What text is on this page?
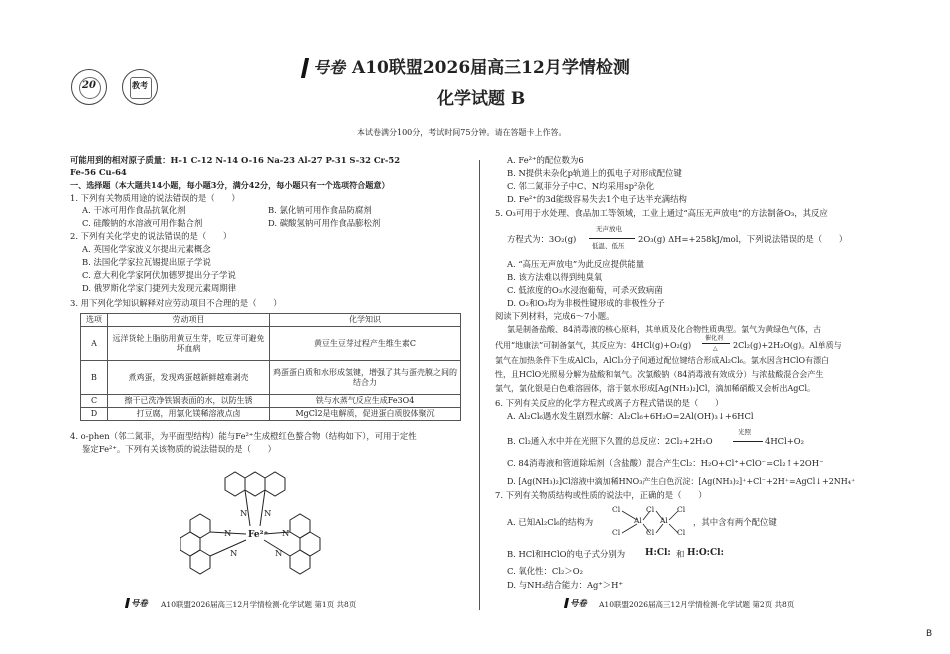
20	教考
号卷 A10联盟2026届高三12月学情检测
化学试题 B
本试卷满分100分，考试时间75分钟。请在答题卡上作答。
可能用到的相对原子质量：H-1 C-12 N-14 O-16 Na-23 Al-27 P-31 S-32 Cr-52
Fe-56 Cu-64
一、选择题（本大题共14小题，每小题3分，满分42分，每小题只有一个选项符合题意）
1. 下列有关物质用途的说法错误的是（　　）
A. 干冰可用作食品抗氧化剂	B. 氯化钠可用作食品防腐剂
C. 硅酸钠的水溶液可用作黏合剂	D. 碳酸氢钠可用作食品膨松剂
2. 下列有关化学史的说法错误的是（　　）
A. 英国化学家波义尔提出元素概念
B. 法国化学家拉瓦锡提出原子学说
C. 意大利化学家阿伏加德罗提出分子学说
D. 俄罗斯化学家门捷列夫发现元素周期律
3. 用下列化学知识解释对应劳动项目不合理的是（　　）
选项	劳动项目	化学知识
A	远洋货轮上脂肪用黄豆生芽，吃豆芽可避免坏血病	黄豆生豆芽过程产生维生素C
B	煮鸡蛋，发现鸡蛋越新鲜越难剥壳	鸡蛋蛋白质和水形成氢键，增强了其与蛋壳膜之间的结合力
C	擦干已洗净铁锅表面的水，以防生锈	铁与水蒸气反应生成Fe3O4
D	打豆腐，用氯化镁稀溶液点卤	MgCl2是电解质，促进蛋白质胶体聚沉
4. o-phen（邻二氮菲，为平面型结构）能与Fe²⁺生成橙红色螯合物（结构如下），可用于定性
鉴定Fe²⁺。下列有关该物质的说法错误的是（　　）
Fe²⁺
N N
N	N
N	N
号卷 A10联盟2026届高三12月学情检测·化学试题 第1页 共8页
A. Fe²⁺的配位数为6
B. N提供未杂化p轨道上的孤电子对形成配位键
C. 邻二氮菲分子中C、N均采用sp²杂化
D. Fe²⁺的3d能级容易失去1个电子达半充满结构
5. O₃可用于水处理、食品加工等领域，工业上通过“高压无声放电”的方法制备O₃，其反应
方程式为：3O₂(g)
无声放电
低温、低压
2O₃(g) ΔH=+258kJ/mol，下列说法错误的是（　　）
A. “高压无声放电”为此反应提供能量
B. 该方法难以得到纯臭氧
C. 低浓度的O₃水浸泡葡萄，可杀灭致病菌
D. O₂和O₃均为非极性键形成的非极性分子
阅读下列材料，完成6～7小题。
氯是制备盐酸、84消毒液的核心原料，其单质及化合物性质典型。氯气为黄绿色气体，古
代用“地康法”可制备氯气，其反应为：4HCl(g)+O₂(g)
催化剂
△ 2Cl₂(g)+2H₂O(g)。Al单质与
氯气在加热条件下生成AlCl₃，AlCl₃分子间通过配位键结合形成Al₂Cl₆。氯水因含HClO有漂白
性，且HClO光照易分解为盐酸和氧气。次氯酸钠（84消毒液有效成分）与浓盐酸混合会产生
氯气，氯化银是白色难溶固体，溶于氨水形成[Ag(NH₃)₂]Cl，滴加稀硝酸又会析出AgCl。
6. 下列有关反应的化学方程式或离子方程式错误的是（　　）
A. Al₂Cl₆遇水发生剧烈水解：Al₂Cl₆+6H₂O=2Al(OH)₃↓+6HCl
B. Cl₂通入水中并在光照下久置的总反应：2Cl₂+2H₂O
光照
4HCl+O₂
C. 84消毒液和管道除垢剂（含盐酸）混合产生Cl₂：H₂O+Cl⁺+ClO⁻=Cl₂↑+2OH⁻
D. [Ag(NH₃)₂]Cl溶液中滴加稀HNO₃产生白色沉淀：[Ag(NH₃)₂]⁺+Cl⁻+2H⁺=AgCl↓+2NH₄⁺
7. 下列有关物质结构或性质的说法中，正确的是（　　）
A. 已知Al₂Cl₆的结构为
Cl
Cl
Al
Cl
Cl
Al
Cl
Cl
，其中含有两个配位键
B. HCl和HClO的电子式分别为 H:Cl: 和 H:O:Cl:
C. 氧化性：Cl₂＞O₂
D. 与NH₃结合能力：Ag⁺＞H⁺
号卷 A10联盟2026届高三12月学情检测·化学试题 第2页 共8页
B
